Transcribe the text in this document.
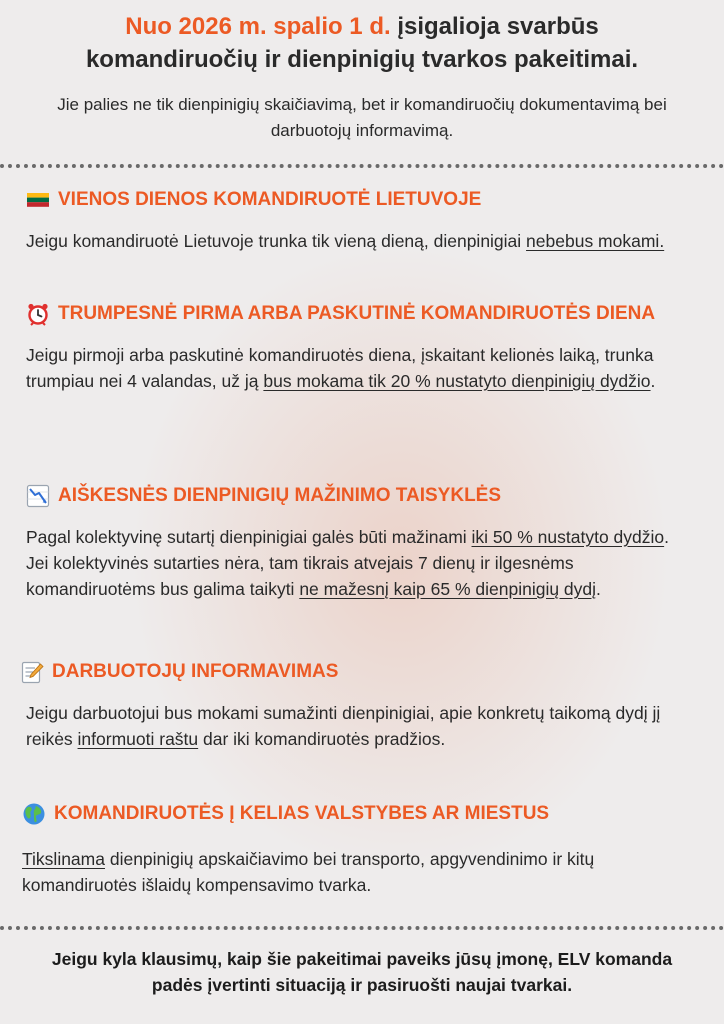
Nuo 2026 m. spalio 1 d. įsigalioja svarbūs komandiruočių ir dienpinigių tvarkos pakeitimai.

Jie palies ne tik dienpinigių skaičiavimą, bet ir komandiruočių dokumentavimą bei darbuotojų informavimą.

VIENOS DIENOS KOMANDIRUOTĖ LIETUVOJE

Jeigu komandiruotė Lietuvoje trunka tik vieną dieną, dienpinigiai nebebus mokami.

TRUMPESNĖ PIRMA ARBA PASKUTINĖ KOMANDIRUOTĖS DIENA

Jeigu pirmoji arba paskutinė komandiruotės diena, įskaitant kelionės laiką, trunka trumpiau nei 4 valandas, už ją bus mokama tik 20 % nustatyto dienpinigių dydžio.

AIŠKESNĖS DIENPINIGIŲ MAŽINIMO TAISYKLĖS

Pagal kolektyvinę sutartį dienpinigiai galės būti mažinami iki 50 % nustatyto dydžio. Jei kolektyvinės sutarties nėra, tam tikrais atvejais 7 dienų ir ilgesnėms komandiruotėms bus galima taikyti ne mažesnį kaip 65 % dienpinigių dydį.

DARBUOTOJŲ INFORMAVIMAS

Jeigu darbuotojui bus mokami sumažinti dienpinigiai, apie konkretų taikomą dydį jį reikės informuoti raštu dar iki komandiruotės pradžios.

KOMANDIRUOTĖS Į KELIAS VALSTYBES AR MIESTUS

Tikslinama dienpinigių apskaičiavimo bei transporto, apgyvendinimo ir kitų komandiruotės išlaidų kompensavimo tvarka.

Jeigu kyla klausimų, kaip šie pakeitimai paveiks jūsų įmonę, ELV komanda padės įvertinti situaciją ir pasiruošti naujai tvarkai.
